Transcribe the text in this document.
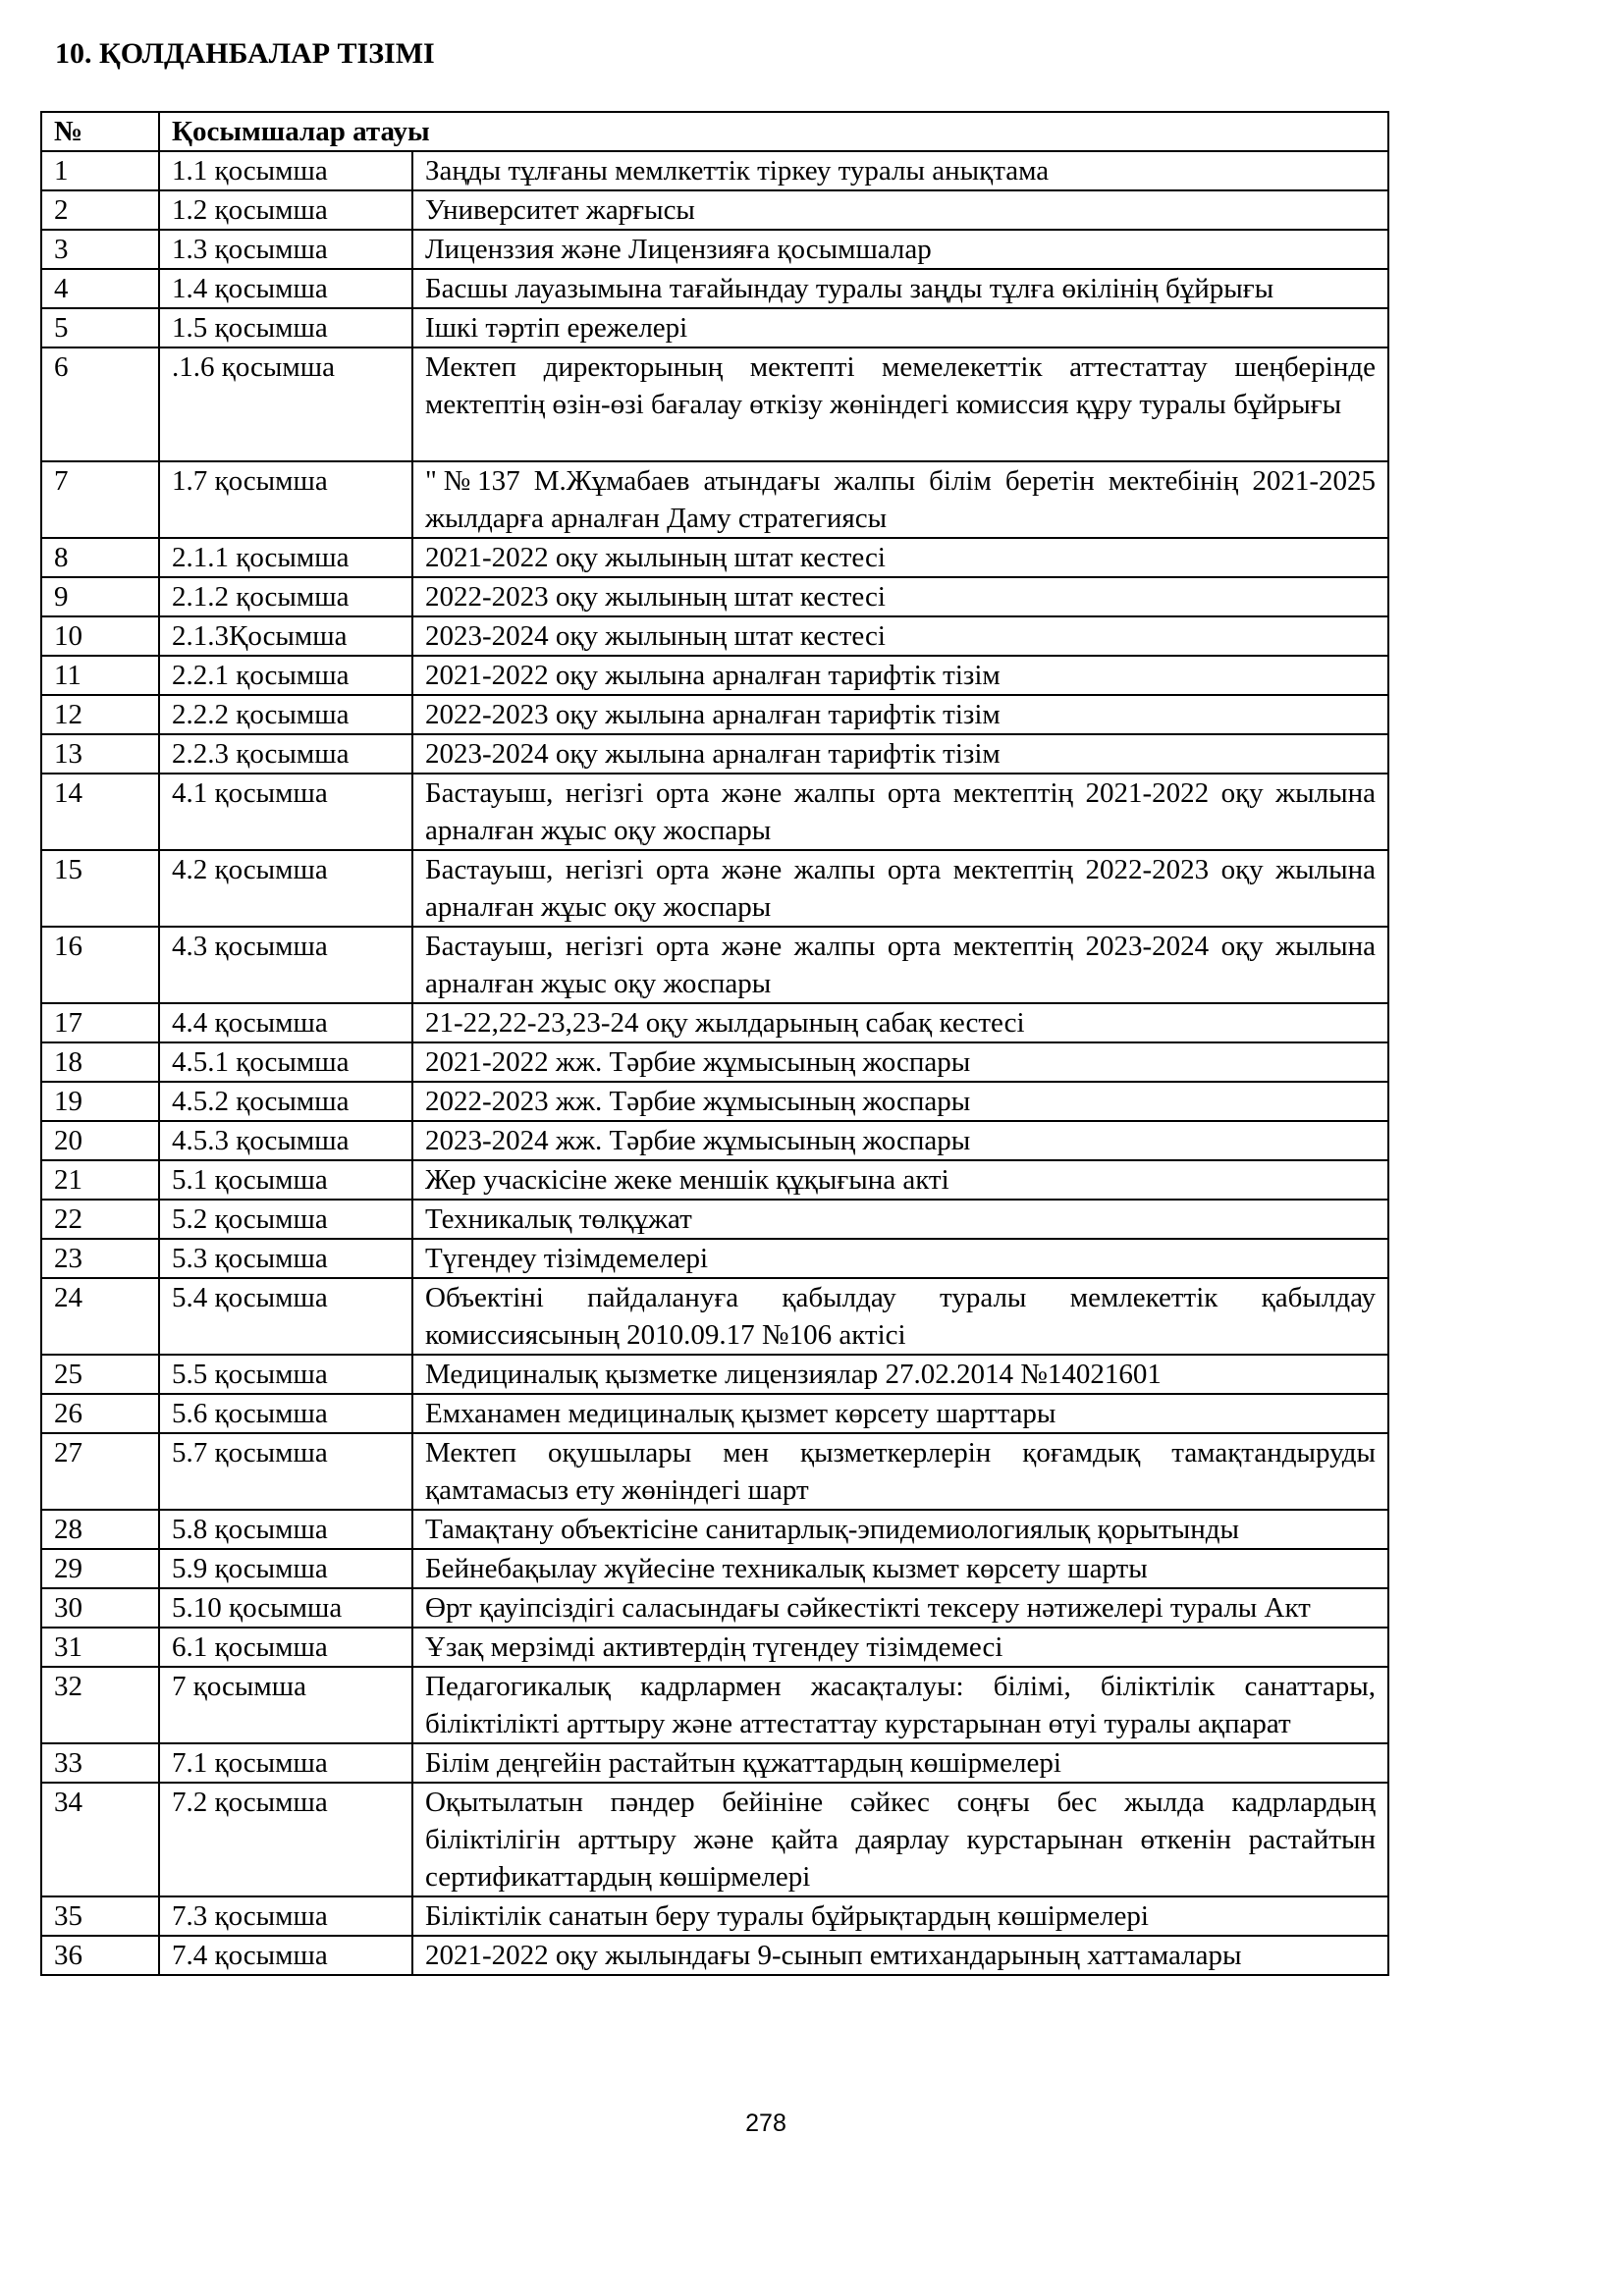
10. ҚОЛДАНБАЛАР ТІЗІМІ
№	Қосымшалар атауы	
1	1.1 қосымша	Заңды тұлғаны мемлкеттік тіркеу туралы анықтама
2	1.2 қосымша	Университет жарғысы
3	1.3 қосымша	Лиценззия және Лицензияға қосымшалар
4	1.4 қосымша	Басшы лауазымына тағайындау туралы заңды тұлға өкілінің бұйрығы
5	1.5 қосымша	Ішкі тәртіп ережелері
6	.1.6 қосымша	Мектеп директорының мектепті мемелекеттік аттестаттау шеңберінде мектептің өзін-өзі бағалау өткізу жөніндегі комиссия құру туралы бұйрығы
7	1.7 қосымша	"№137 М.Жұмабаев атындағы жалпы білім беретін мектебінің 2021-2025 жылдарға арналған Даму стратегиясы
8	2.1.1 қосымша	2021-2022 оқу жылының штат кестесі
9	2.1.2 қосымша	2022-2023 оқу жылының штат кестесі
10	2.1.3Қосымша	2023-2024 оқу жылының штат кестесі
11	2.2.1 қосымша	2021-2022 оқу жылына арналған тарифтік тізім
12	2.2.2 қосымша	2022-2023 оқу жылына арналған тарифтік тізім
13	2.2.3 қосымша	2023-2024 оқу жылына арналған тарифтік тізім
14	4.1 қосымша	Бастауыш, негізгі орта және жалпы орта мектептің 2021-2022 оқу жылына арналған жұыс оқу жоспары
15	4.2 қосымша	Бастауыш, негізгі орта және жалпы орта мектептің 2022-2023 оқу жылына арналған жұыс оқу жоспары
16	4.3 қосымша	Бастауыш, негізгі орта және жалпы орта мектептің 2023-2024 оқу жылына арналған жұыс оқу жоспары
17	4.4 қосымша	21-22,22-23,23-24 оқу жылдарының сабақ кестесі
18	4.5.1 қосымша	2021-2022 жж. Тәрбие жұмысының жоспары
19	4.5.2 қосымша	2022-2023 жж. Тәрбие жұмысының жоспары
20	4.5.3 қосымша	2023-2024 жж. Тәрбие жұмысының жоспары
21	5.1 қосымша	Жер учаскісіне жеке меншік құқығына акті
22	5.2 қосымша	Техникалық төлқұжат
23	5.3 қосымша	Түгендеу тізімдемелері
24	5.4 қосымша	Объектіні пайдалануға қабылдау туралы мемлекеттік қабылдау комиссиясының 2010.09.17 №106 актісі
25	5.5 қосымша	Медициналық қызметке лицензиялар 27.02.2014 №14021601
26	5.6 қосымша	Емханамен медициналық қызмет көрсету шарттары
27	5.7 қосымша	Мектеп оқушылары мен қызметкерлерін қоғамдық тамақтандыруды қамтамасыз ету жөніндегі шарт
28	5.8 қосымша	Тамақтану объектісіне санитарлық-эпидемиологиялық қорытынды
29	5.9 қосымша	Бейнебақылау жүйесіне техникалық кызмет көрсету шарты
30	5.10 қосымша	Өрт қауіпсіздігі саласындағы сәйкестікті тексеру нәтижелері туралы Акт
31	6.1 қосымша	Ұзақ мерзімді активтердің түгендеу тізімдемесі
32	7 қосымша	Педагогикалық кадрлармен жасақталуы: білімі, біліктілік санаттары, біліктілікті арттыру және аттестаттау курстарынан өтуі туралы ақпарат
33	7.1 қосымша	Білім деңгейін растайтын құжаттардың көшірмелері
34	7.2 қосымша	Оқытылатын пәндер бейініне сәйкес соңғы бес жылда кадрлардың біліктілігін арттыру және қайта даярлау курстарынан өткенін растайтын сертификаттардың көшірмелері
35	7.3 қосымша	Біліктілік санатын беру туралы бұйрықтардың көшірмелері
36	7.4 қосымша	2021-2022 оқу жылындағы 9-сынып емтихандарының хаттамалары
278
